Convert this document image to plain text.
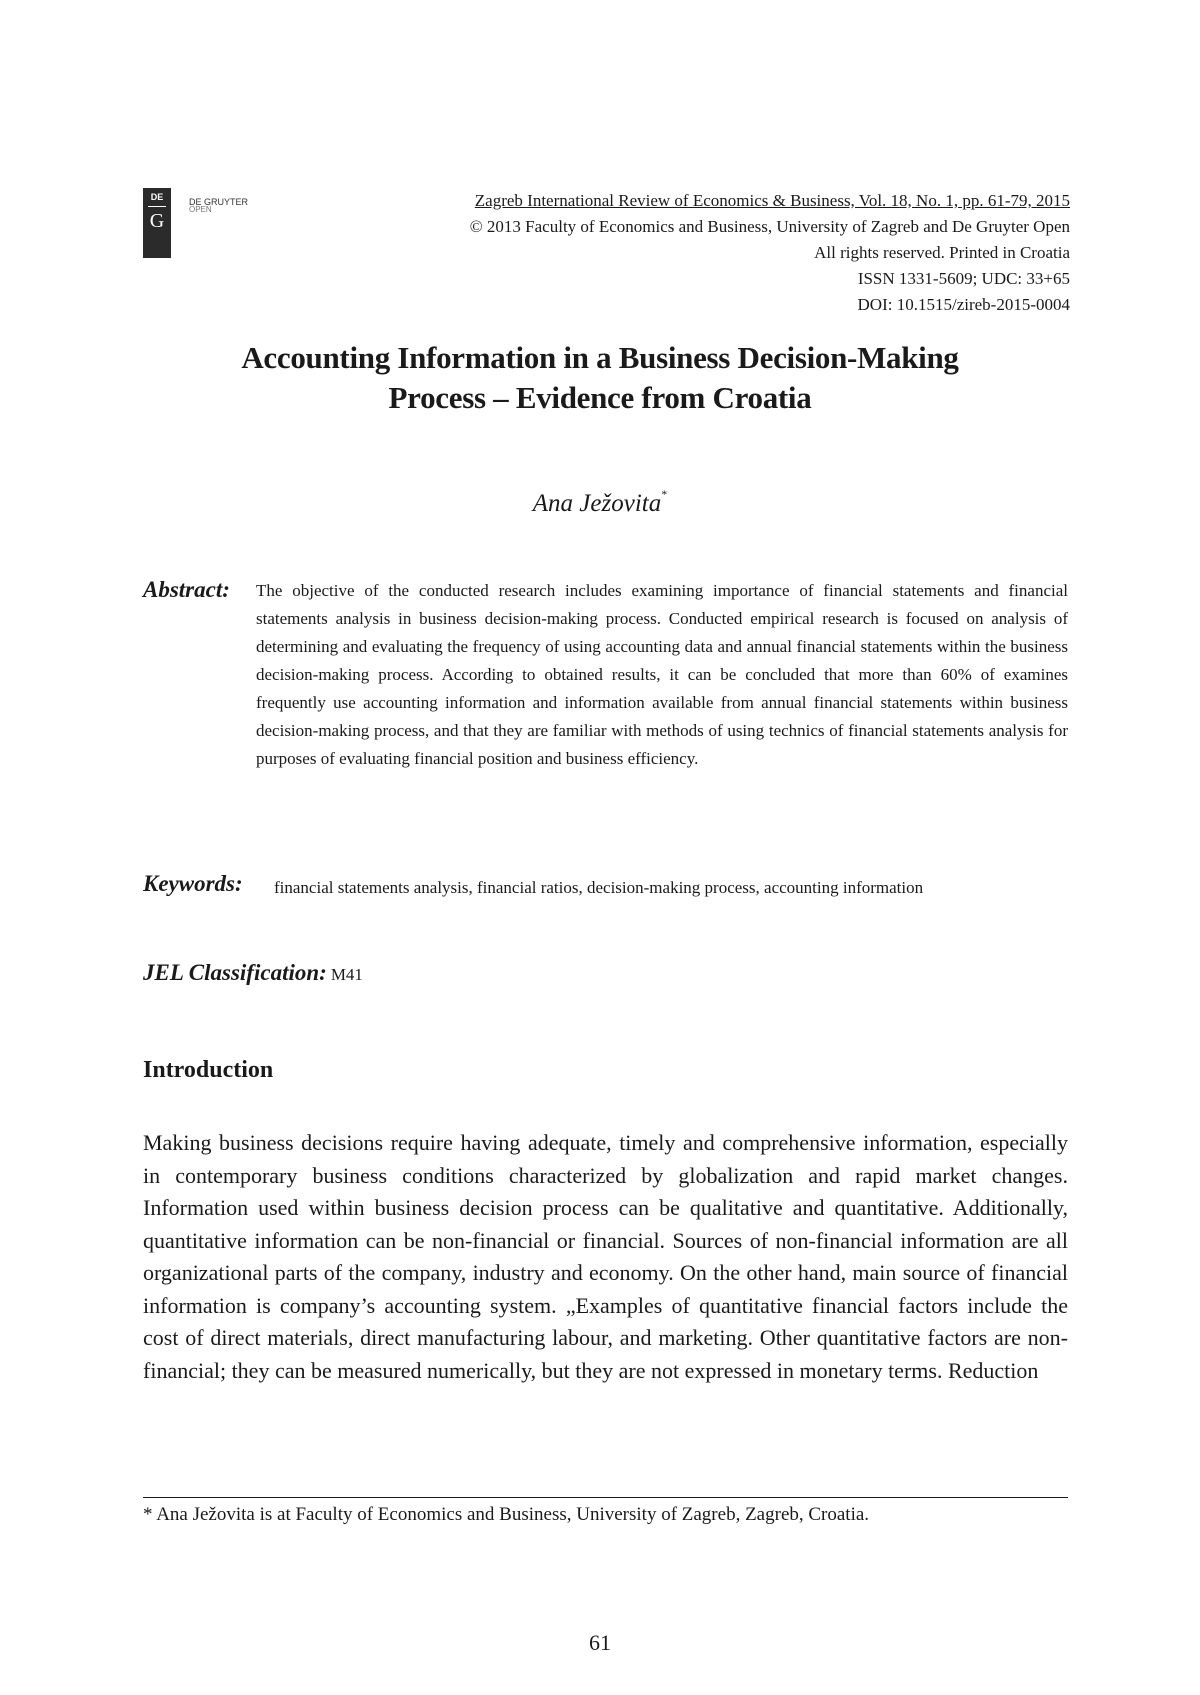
DE
G
DE GRUYTER
OPEN	Zagreb International Review of Economics & Business, Vol. 18, No. 1, pp. 61-79, 2015
© 2013 Faculty of Economics and Business, University of Zagreb and De Gruyter Open
All rights reserved. Printed in Croatia
ISSN 1331-5609; UDC: 33+65
DOI: 10.1515/zireb-2015-0004
Accounting Information in a Business Decision-Making
Process – Evidence from Croatia
Ana Ježovita*
Abstract: The objective of the conducted research includes examining importance of financial statements and financial statements analysis in business decision-making process. Conducted empirical research is focused on analysis of determining and evaluating the frequency of using accounting data and annual financial statements within the business decision-making process. According to obtained results, it can be concluded that more than 60% of examines frequently use accounting information and information available from annual financial statements within business decision-making process, and that they are familiar with methods of using technics of financial statements analysis for purposes of evaluating financial position and business efficiency.
Keywords: financial statements analysis, financial ratios, decision-making process, accounting information
JEL Classification: M41
Introduction
Making business decisions require having adequate, timely and comprehensive information, especially in contemporary business conditions characterized by globalization and rapid market changes. Information used within business decision process can be qualitative and quantitative. Additionally, quantitative information can be non-financial or financial. Sources of non-financial information are all organizational parts of the company, industry and economy. On the other hand, main source of financial information is company’s accounting system. „Examples of quantitative financial factors include the cost of direct materials, direct manufacturing labour, and marketing. Other quantitative factors are non-financial; they can be measured numerically, but they are not expressed in monetary terms. Reduction
* Ana Ježovita is at Faculty of Economics and Business, University of Zagreb, Zagreb, Croatia.
61
